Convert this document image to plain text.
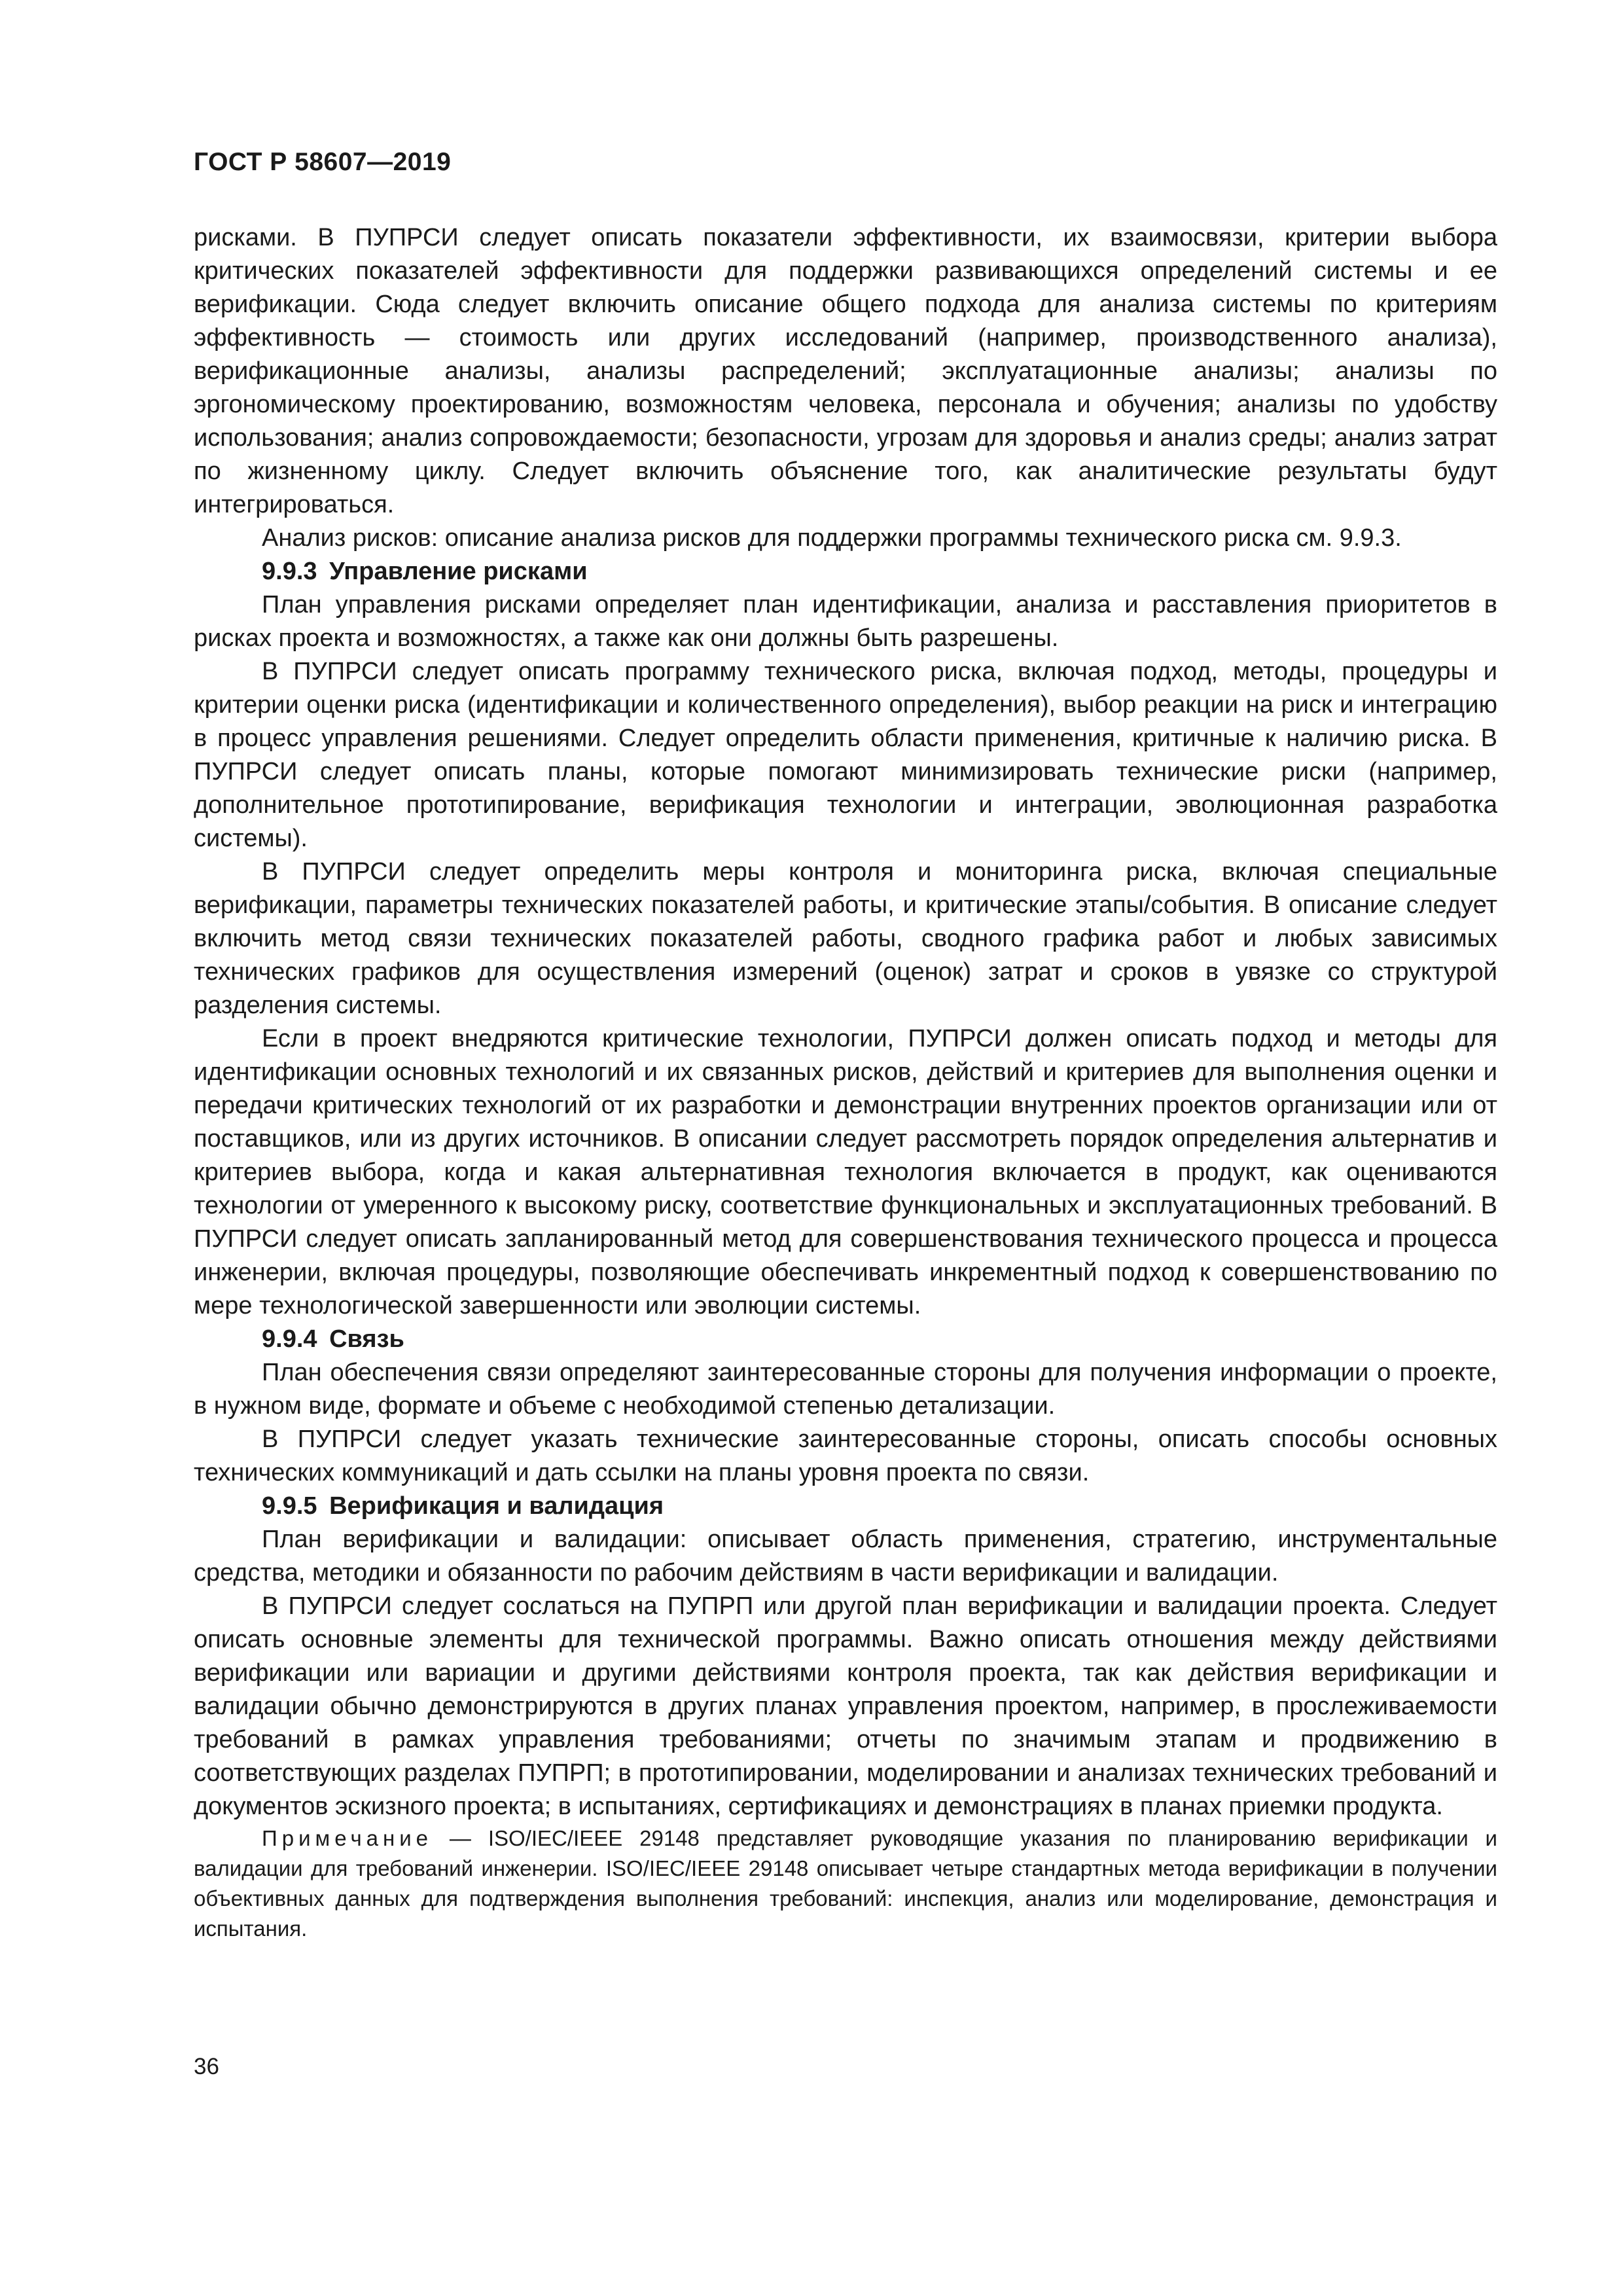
ГОСТ Р 58607—2019

рисками. В ПУПРСИ следует описать показатели эффективности, их взаимосвязи, критерии выбора критических показателей эффективности для поддержки развивающихся определений системы и ее верификации. Сюда следует включить описание общего подхода для анализа системы по критериям эффективность — стоимость или других исследований (например, производственного анализа), верификационные анализы, анализы распределений; эксплуатационные анализы; анализы по эргономическому проектированию, возможностям человека, персонала и обучения; анализы по удобству использования; анализ сопровождаемости; безопасности, угрозам для здоровья и анализ среды; анализ затрат по жизненному циклу. Следует включить объяснение того, как аналитические результаты будут интегрироваться.

Анализ рисков: описание анализа рисков для поддержки программы технического риска см. 9.9.3.

9.9.3 Управление рисками

План управления рисками определяет план идентификации, анализа и расставления приоритетов в рисках проекта и возможностях, а также как они должны быть разрешены.

В ПУПРСИ следует описать программу технического риска, включая подход, методы, процедуры и критерии оценки риска (идентификации и количественного определения), выбор реакции на риск и интеграцию в процесс управления решениями. Следует определить области применения, критичные к наличию риска. В ПУПРСИ следует описать планы, которые помогают минимизировать технические риски (например, дополнительное прототипирование, верификация технологии и интеграции, эволюционная разработка системы).

В ПУПРСИ следует определить меры контроля и мониторинга риска, включая специальные верификации, параметры технических показателей работы, и критические этапы/события. В описание следует включить метод связи технических показателей работы, сводного графика работ и любых зависимых технических графиков для осуществления измерений (оценок) затрат и сроков в увязке со структурой разделения системы.

Если в проект внедряются критические технологии, ПУПРСИ должен описать подход и методы для идентификации основных технологий и их связанных рисков, действий и критериев для выполнения оценки и передачи критических технологий от их разработки и демонстрации внутренних проектов организации или от поставщиков, или из других источников. В описании следует рассмотреть порядок определения альтернатив и критериев выбора, когда и какая альтернативная технология включается в продукт, как оцениваются технологии от умеренного к высокому риску, соответствие функциональных и эксплуатационных требований. В ПУПРСИ следует описать запланированный метод для совершенствования технического процесса и процесса инженерии, включая процедуры, позволяющие обеспечивать инкрементный подход к совершенствованию по мере технологической завершенности или эволюции системы.

9.9.4 Связь

План обеспечения связи определяют заинтересованные стороны для получения информации о проекте, в нужном виде, формате и объеме с необходимой степенью детализации.

В ПУПРСИ следует указать технические заинтересованные стороны, описать способы основных технических коммуникаций и дать ссылки на планы уровня проекта по связи.

9.9.5 Верификация и валидация

План верификации и валидации: описывает область применения, стратегию, инструментальные средства, методики и обязанности по рабочим действиям в части верификации и валидации.

В ПУПРСИ следует сослаться на ПУПРП или другой план верификации и валидации проекта. Следует описать основные элементы для технической программы. Важно описать отношения между действиями верификации или вариации и другими действиями контроля проекта, так как действия верификации и валидации обычно демонстрируются в других планах управления проектом, например, в прослеживаемости требований в рамках управления требованиями; отчеты по значимым этапам и продвижению в соответствующих разделах ПУПРП; в прототипировании, моделировании и анализах технических требований и документов эскизного проекта; в испытаниях, сертификациях и демонстрациях в планах приемки продукта.

Примечание — ISO/IEC/IEEE 29148 представляет руководящие указания по планированию верификации и валидации для требований инженерии. ISO/IEC/IEEE 29148 описывает четыре стандартных метода верификации в получении объективных данных для подтверждения выполнения требований: инспекция, анализ или моделирование, демонстрация и испытания.

36
